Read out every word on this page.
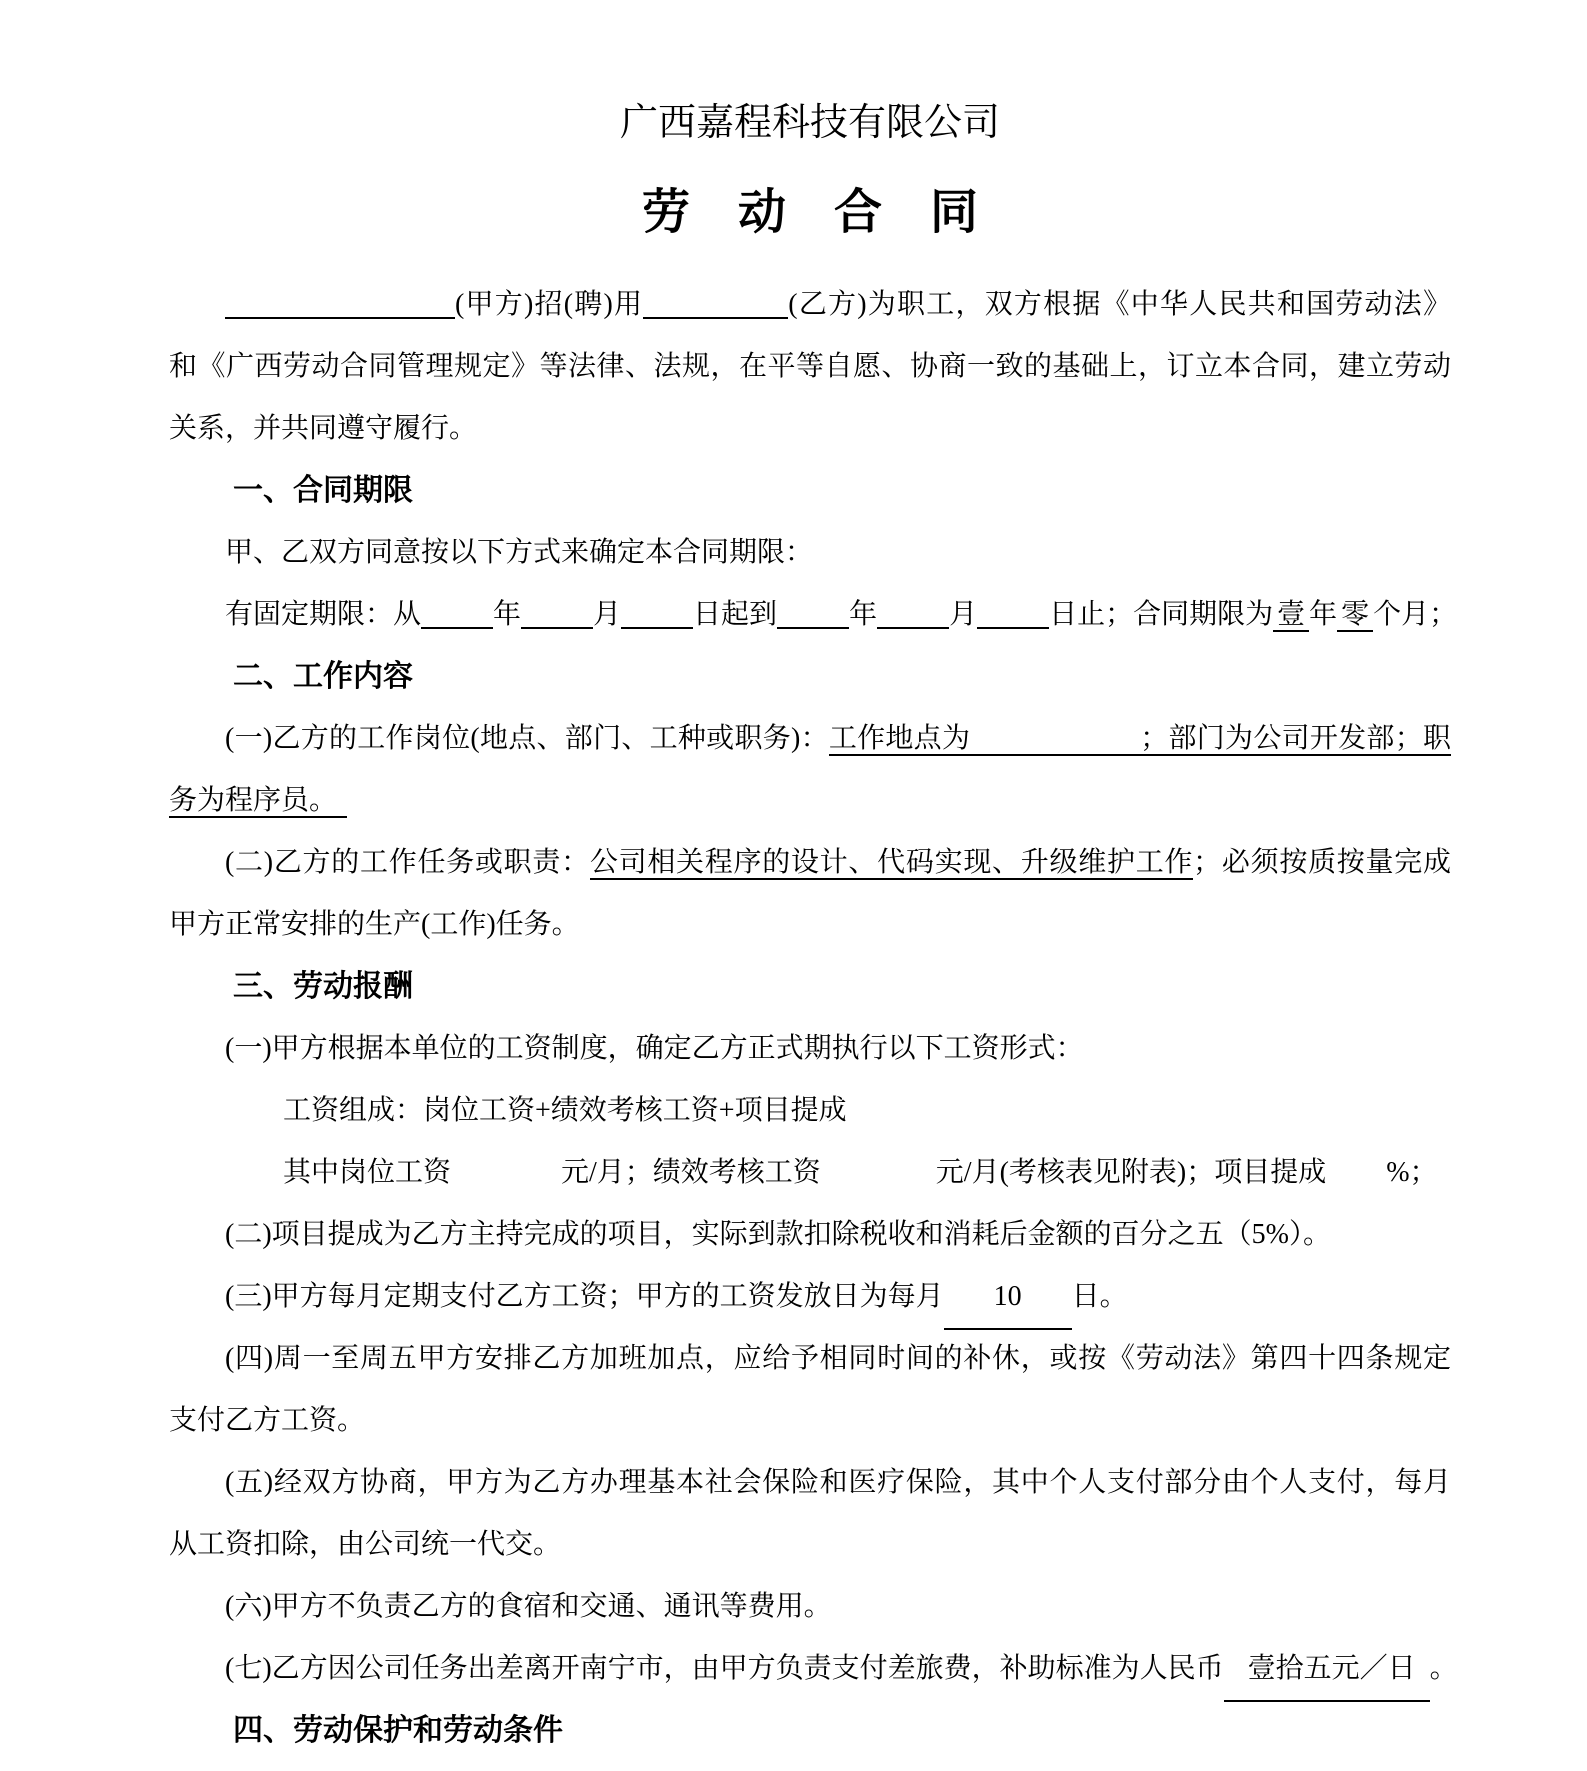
广西嘉程科技有限公司
劳　动　合　同
(甲方)招(聘)用	(乙方)为职工，双方根据《中华人民共和国劳动法》
和《广西劳动合同管理规定》等法律、法规，在平等自愿、协商一致的基础上，订立本合同，建立劳动
关系，并共同遵守履行。
一、合同期限
甲、乙双方同意按以下方式来确定本合同期限：
有固定期限：从	年	月	日起到	年	月	日止；合同期限为 壹 年 零 个月；
二、工作内容
(一)乙方的工作岗位(地点、部门、工种或职务)：工作地点为	；部门为公司开发部；职
务为程序员。
(二)乙方的工作任务或职责：公司相关程序的设计、代码实现、升级维护工作；必须按质按量完成
甲方正常安排的生产(工作)任务。
三、劳动报酬
(一)甲方根据本单位的工资制度，确定乙方正式期执行以下工资形式：
工资组成：岗位工资+绩效考核工资+项目提成
其中岗位工资	元/月；绩效考核工资	元/月(考核表见附表)；项目提成 %；
(二)项目提成为乙方主持完成的项目，实际到款扣除税收和消耗后金额的百分之五（5%）。
(三)甲方每月定期支付乙方工资；甲方的工资发放日为每月 10 日。
(四)周一至周五甲方安排乙方加班加点，应给予相同时间的补休，或按《劳动法》第四十四条规定
支付乙方工资。
(五)经双方协商，甲方为乙方办理基本社会保险和医疗保险，其中个人支付部分由个人支付，每月
从工资扣除，由公司统一代交。
(六)甲方不负责乙方的食宿和交通、通讯等费用。
(七)乙方因公司任务出差离开南宁市，由甲方负责支付差旅费，补助标准为人民币 壹拾五元／日 。
四、劳动保护和劳动条件
